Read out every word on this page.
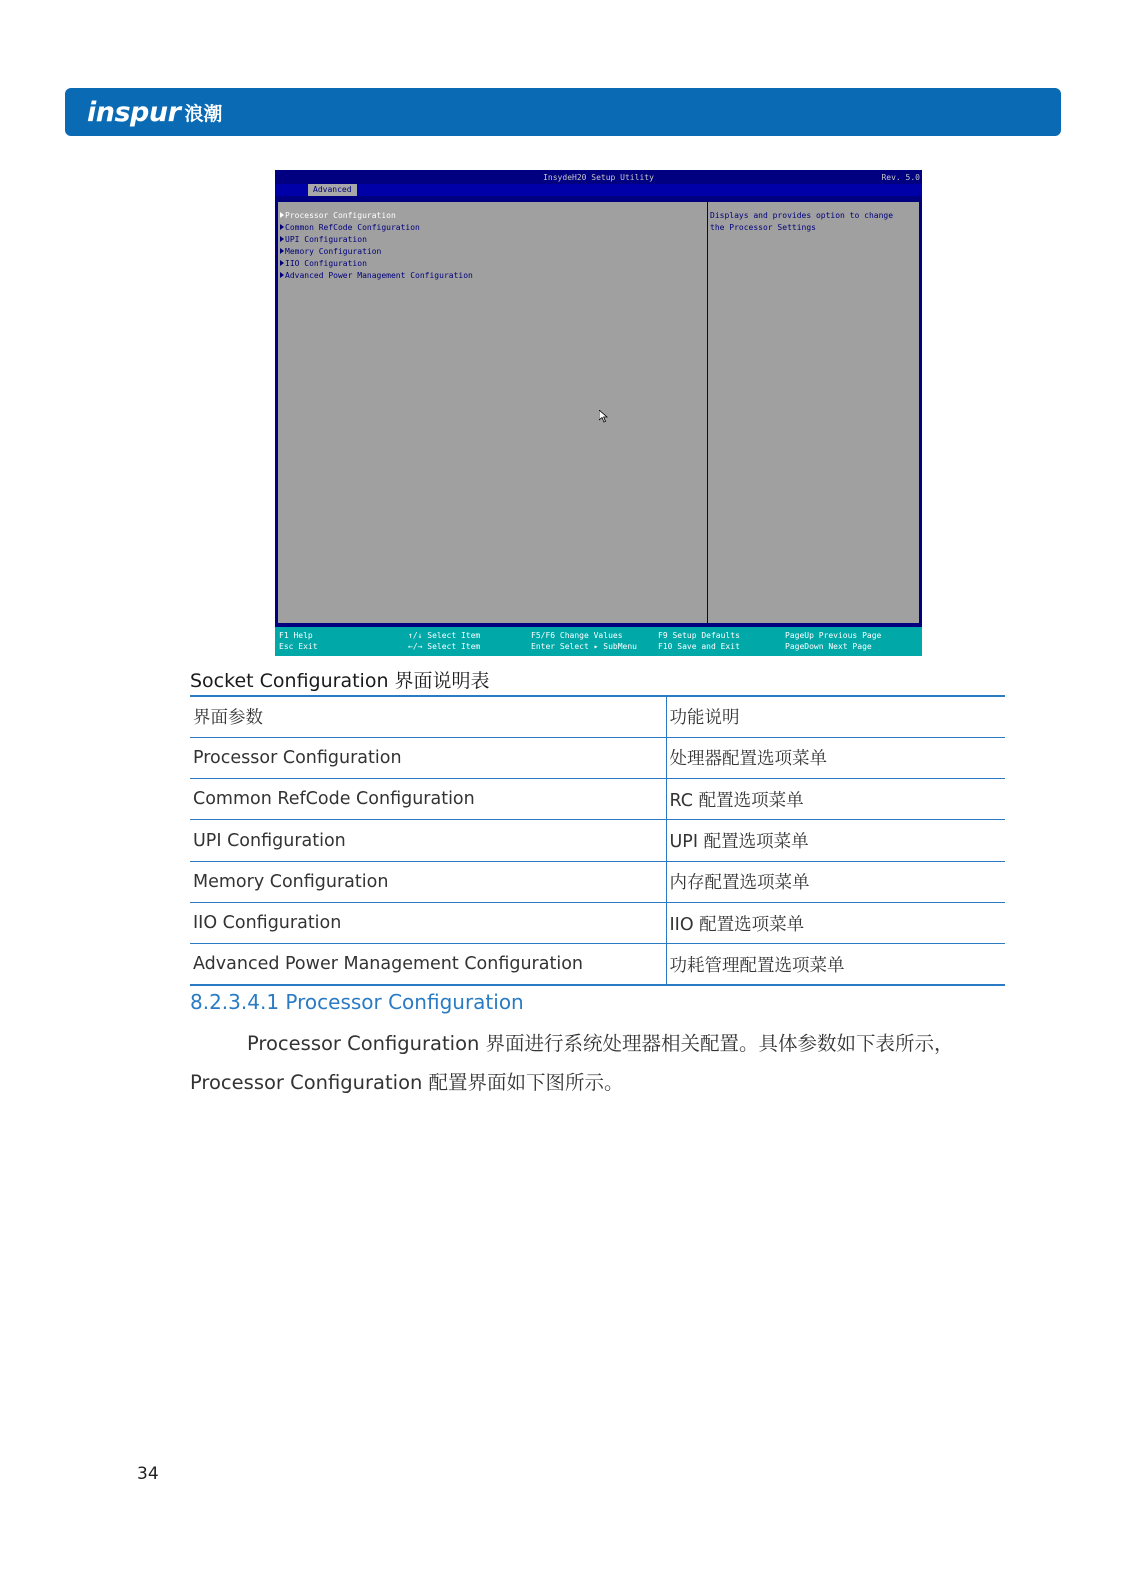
inspur 浪潮
InsydeH20 Setup Utility	Rev. 5.0
Advanced
Processor Configuration
Common RefCode Configuration
UPI Configuration
Memory Configuration
IIO Configuration
Advanced Power Management Configuration
Displays and provides option to change
the Processor Settings
F1 Help
Esc Exit
↑/↓ Select Item
←/→ Select Item
F5/F6 Change Values
Enter Select ▸ SubMenu
F9 Setup Defaults
F10 Save and Exit
PageUp Previous Page
PageDown Next Page
Socket Configuration 界面说明表
界面参数	功能说明
Processor Configuration	处理器配置选项菜单
Common RefCode Configuration	RC 配置选项菜单
UPI Configuration	UPI 配置选项菜单
Memory Configuration	内存配置选项菜单
IIO Configuration	IIO 配置选项菜单
Advanced Power Management Configuration	功耗管理配置选项菜单
8.2.3.4.1 Processor Configuration
Processor Configuration 界面进行系统处理器相关配置。具体参数如下表所示，Processor Configuration 配置界面如下图所示。
34
